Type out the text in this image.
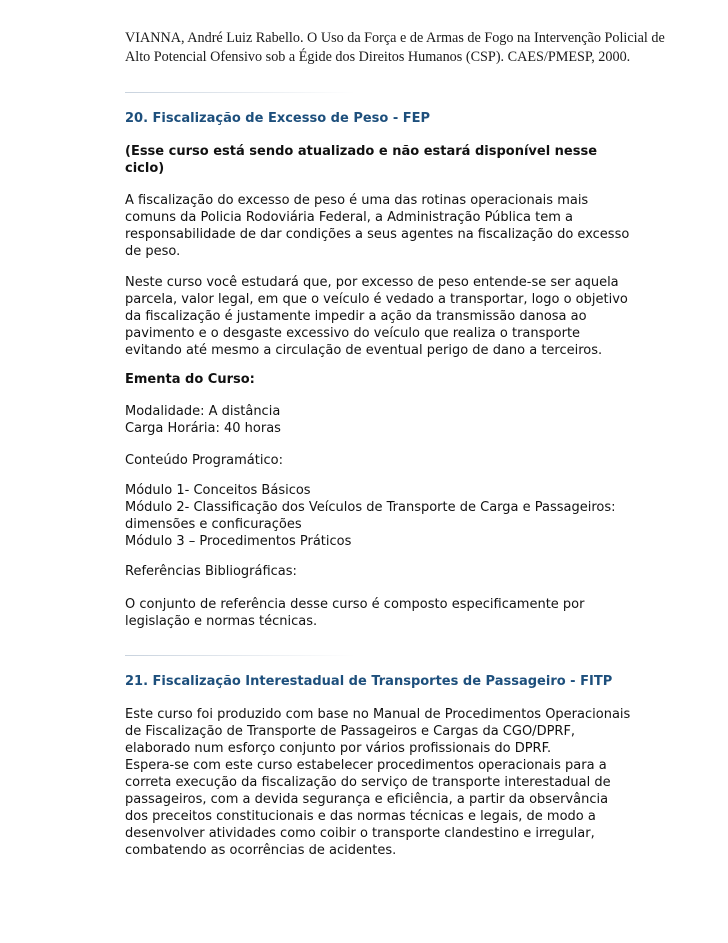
VIANNA, André Luiz Rabello. O Uso da Força e de Armas de Fogo na Intervenção Policial de
Alto Potencial Ofensivo sob a Égide dos Direitos Humanos (CSP). CAES/PMESP, 2000.
20. Fiscalização de Excesso de Peso - FEP
(Esse curso está sendo atualizado e não estará disponível nesse
ciclo)
A fiscalização do excesso de peso é uma das rotinas operacionais mais
comuns da Policia Rodoviária Federal, a Administração Pública tem a
responsabilidade de dar condições a seus agentes na fiscalização do excesso
de peso.
Neste curso você estudará que, por excesso de peso entende-se ser aquela
parcela, valor legal, em que o veículo é vedado a transportar, logo o objetivo
da fiscalização é justamente impedir a ação da transmissão danosa ao
pavimento e o desgaste excessivo do veículo que realiza o transporte
evitando até mesmo a circulação de eventual perigo de dano a terceiros.
Ementa do Curso:
Modalidade: A distância
Carga Horária: 40 horas
Conteúdo Programático:
Módulo 1- Conceitos Básicos
Módulo 2- Classificação dos Veículos de Transporte de Carga e Passageiros:
dimensões e conficurações
Módulo 3 – Procedimentos Práticos
Referências Bibliográficas:
O conjunto de referência desse curso é composto especificamente por
legislação e normas técnicas.
21. Fiscalização Interestadual de Transportes de Passageiro - FITP
Este curso foi produzido com base no Manual de Procedimentos Operacionais
de Fiscalização de Transporte de Passageiros e Cargas da CGO/DPRF,
elaborado num esforço conjunto por vários profissionais do DPRF.
Espera-se com este curso estabelecer procedimentos operacionais para a
correta execução da fiscalização do serviço de transporte interestadual de
passageiros, com a devida segurança e eficiência, a partir da observância
dos preceitos constitucionais e das normas técnicas e legais, de modo a
desenvolver atividades como coibir o transporte clandestino e irregular,
combatendo as ocorrências de acidentes.
